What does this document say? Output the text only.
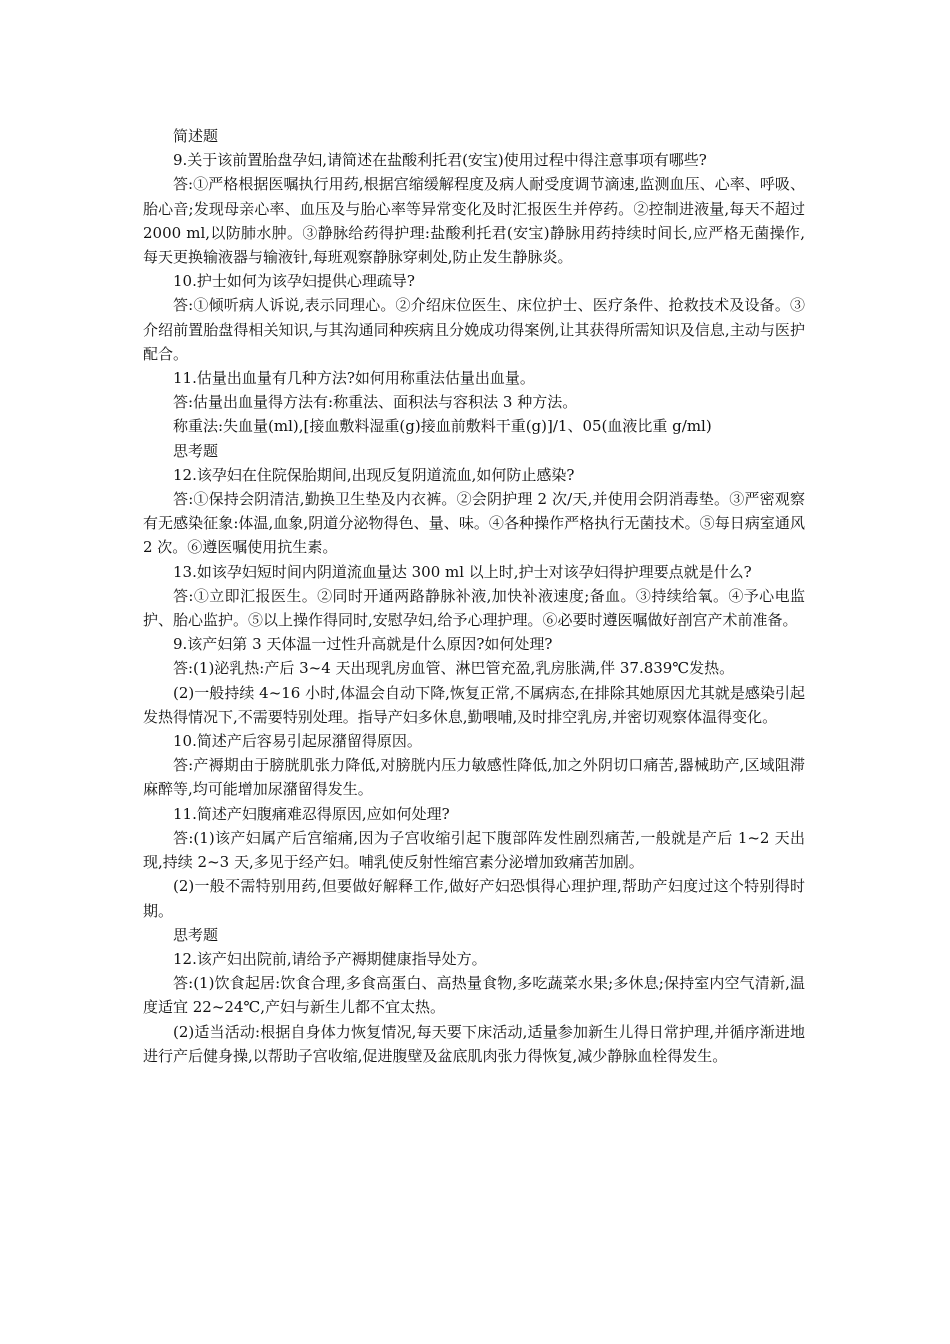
简述题

9.关于该前置胎盘孕妇,请简述在盐酸利托君(安宝)使用过程中得注意事项有哪些?

答:①严格根据医嘱执行用药,根据宫缩缓解程度及病人耐受度调节滴速,监测血压、心率、呼吸、胎心音;发现母亲心率、血压及与胎心率等异常变化及时汇报医生并停药。②控制进液量,每天不超过 2000 ml,以防肺水肿。③静脉给药得护理:盐酸利托君(安宝)静脉用药持续时间长,应严格无菌操作,每天更换输液器与输液针,每班观察静脉穿刺处,防止发生静脉炎。

10.护士如何为该孕妇提供心理疏导?

答:①倾听病人诉说,表示同理心。②介绍床位医生、床位护士、医疗条件、抢救技术及设备。③介绍前置胎盘得相关知识,与其沟通同种疾病且分娩成功得案例,让其获得所需知识及信息,主动与医护配合。

11.估量出血量有几种方法?如何用称重法估量出血量。

答:估量出血量得方法有:称重法、面积法与容积法 3 种方法。

称重法:失血量(ml),[接血敷料湿重(g)接血前敷料干重(g)]/1、05(血液比重 g/ml)

思考题

12.该孕妇在住院保胎期间,出现反复阴道流血,如何防止感染?

答:①保持会阴清洁,勤换卫生垫及内衣裤。②会阴护理 2 次/天,并使用会阴消毒垫。③严密观察有无感染征象:体温,血象,阴道分泌物得色、量、味。④各种操作严格执行无菌技术。⑤每日病室通风 2 次。⑥遵医嘱使用抗生素。

13.如该孕妇短时间内阴道流血量达 300 ml 以上时,护士对该孕妇得护理要点就是什么?

答:①立即汇报医生。②同时开通两路静脉补液,加快补液速度;备血。③持续给氧。④予心电监护、胎心监护。⑤以上操作得同时,安慰孕妇,给予心理护理。⑥必要时遵医嘱做好剖宫产术前准备。

9.该产妇第 3 天体温一过性升高就是什么原因?如何处理?

答:(1)泌乳热:产后 3~4 天出现乳房血管、淋巴管充盈,乳房胀满,伴 37.839℃发热。

(2)一般持续 4~16 小时,体温会自动下降,恢复正常,不属病态,在排除其她原因尤其就是感染引起发热得情况下,不需要特别处理。指导产妇多休息,勤喂哺,及时排空乳房,并密切观察体温得变化。

10.简述产后容易引起尿潴留得原因。

答:产褥期由于膀胱肌张力降低,对膀胱内压力敏感性降低,加之外阴切口痛苦,器械助产,区域阻滞麻醉等,均可能增加尿潴留得发生。

11.简述产妇腹痛难忍得原因,应如何处理?

答:(1)该产妇属产后宫缩痛,因为子宫收缩引起下腹部阵发性剧烈痛苦,一般就是产后 1~2 天出现,持续 2~3 天,多见于经产妇。哺乳使反射性缩宫素分泌增加致痛苦加剧。

(2)一般不需特别用药,但要做好解释工作,做好产妇恐惧得心理护理,帮助产妇度过这个特别得时期。

思考题

12.该产妇出院前,请给予产褥期健康指导处方。

答:(1)饮食起居:饮食合理,多食高蛋白、高热量食物,多吃蔬菜水果;多休息;保持室内空气清新,温度适宜 22~24℃,产妇与新生儿都不宜太热。

(2)适当活动:根据自身体力恢复情况,每天要下床活动,适量参加新生儿得日常护理,并循序渐进地进行产后健身操,以帮助子宫收缩,促进腹壁及盆底肌肉张力得恢复,减少静脉血栓得发生。
